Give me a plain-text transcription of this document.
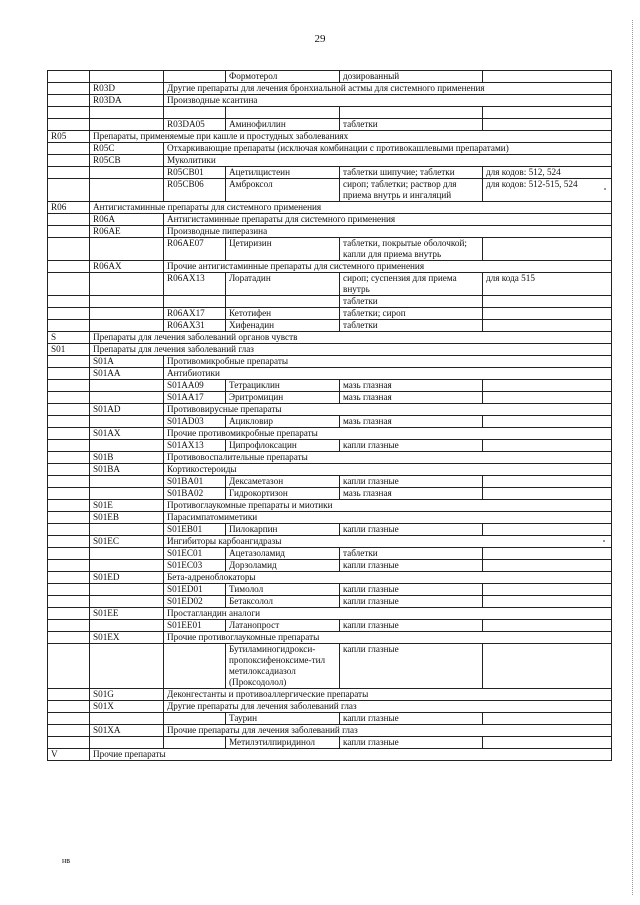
29
			Формотерол	дозированный	
	R03D	Другие препараты для лечения бронхиальной астмы для системного применения			
	R03DA	Производные ксантина			

		R03DA05	Аминофиллин	таблетки	
R05	Препараты, применяемые при кашле и простудных заболеваниях				
	R05C	Отхаркивающие препараты (исключая комбинации с противокашлевыми препаратами)			
	R05CB	Муколитики			
		R05CB01	Ацетилцистеин	таблетки шипучие; таблетки	для кодов: 512, 524
		R05CB06	Амброксол	сироп; таблетки; раствор для приема внутрь и ингаляций	для кодов: 512-515, 524
R06	Антигистаминные препараты для системного применения				
	R06A	Антигистаминные препараты для системного применения			
	R06AE	Производные пиперазина			
		R06AE07	Цетиризин	таблетки, покрытые оболочкой; капли для приема внутрь	
	R06AX	Прочие антигистаминные препараты для системного применения			
		R06AX13	Лоратадин	сироп; суспензия для приема внутрь	для кода 515
				таблетки	
		R06AX17	Кетотифен	таблетки; сироп	
		R06AX31	Хифенадин	таблетки	
S	Препараты для лечения заболеваний органов чувств				
S01	Препараты для лечения заболеваний глаз				
	S01A	Противомикробные препараты			
	S01AA	Антибиотики			
		S01AA09	Тетрациклин	мазь глазная	
		S01AA17	Эритромицин	мазь глазная	
	S01AD	Противовирусные препараты			
		S01AD03	Ацикловир	мазь глазная	
	S01AX	Прочие противомикробные препараты			
		S01AX13	Ципрофлоксацин	капли глазные	
	S01B	Противовоспалительные препараты			
	S01BA	Кортикостероиды			
		S01BA01	Дексаметазон	капли глазные	
		S01BA02	Гидрокортизон	мазь глазная	
	S01E	Противоглаукомные препараты и миотики			
	S01EB	Парасимпатомиметики			
		S01EB01	Пилокарпин	капли глазные	
	S01EC	Ингибиторы карбоангидразы			
		S01EC01	Ацетазоламид	таблетки	
		S01EC03	Дорзоламид	капли глазные	
	S01ED	Бета-адреноблокаторы			
		S01ED01	Тимолол	капли глазные	
		S01ED02	Бетаксолол	капли глазные	
	S01EE	Простагландин аналоги			
		S01EE01	Латанопрост	капли глазные	
	S01EX	Прочие противоглаукомные препараты			
			Бутиламиногидрокси-пропоксифеноксиме-тил метилоксадиазол (Проксодолол)	капли глазные	
	S01G	Деконгестанты и противоаллергические препараты			
	S01X	Другие препараты для лечения заболеваний глаз			
			Таурин	капли глазные	
	S01XA	Прочие препараты для лечения заболеваний глаз			
			Метилэтилпиридинол	капли глазные	
V	Прочие препараты				
нв
